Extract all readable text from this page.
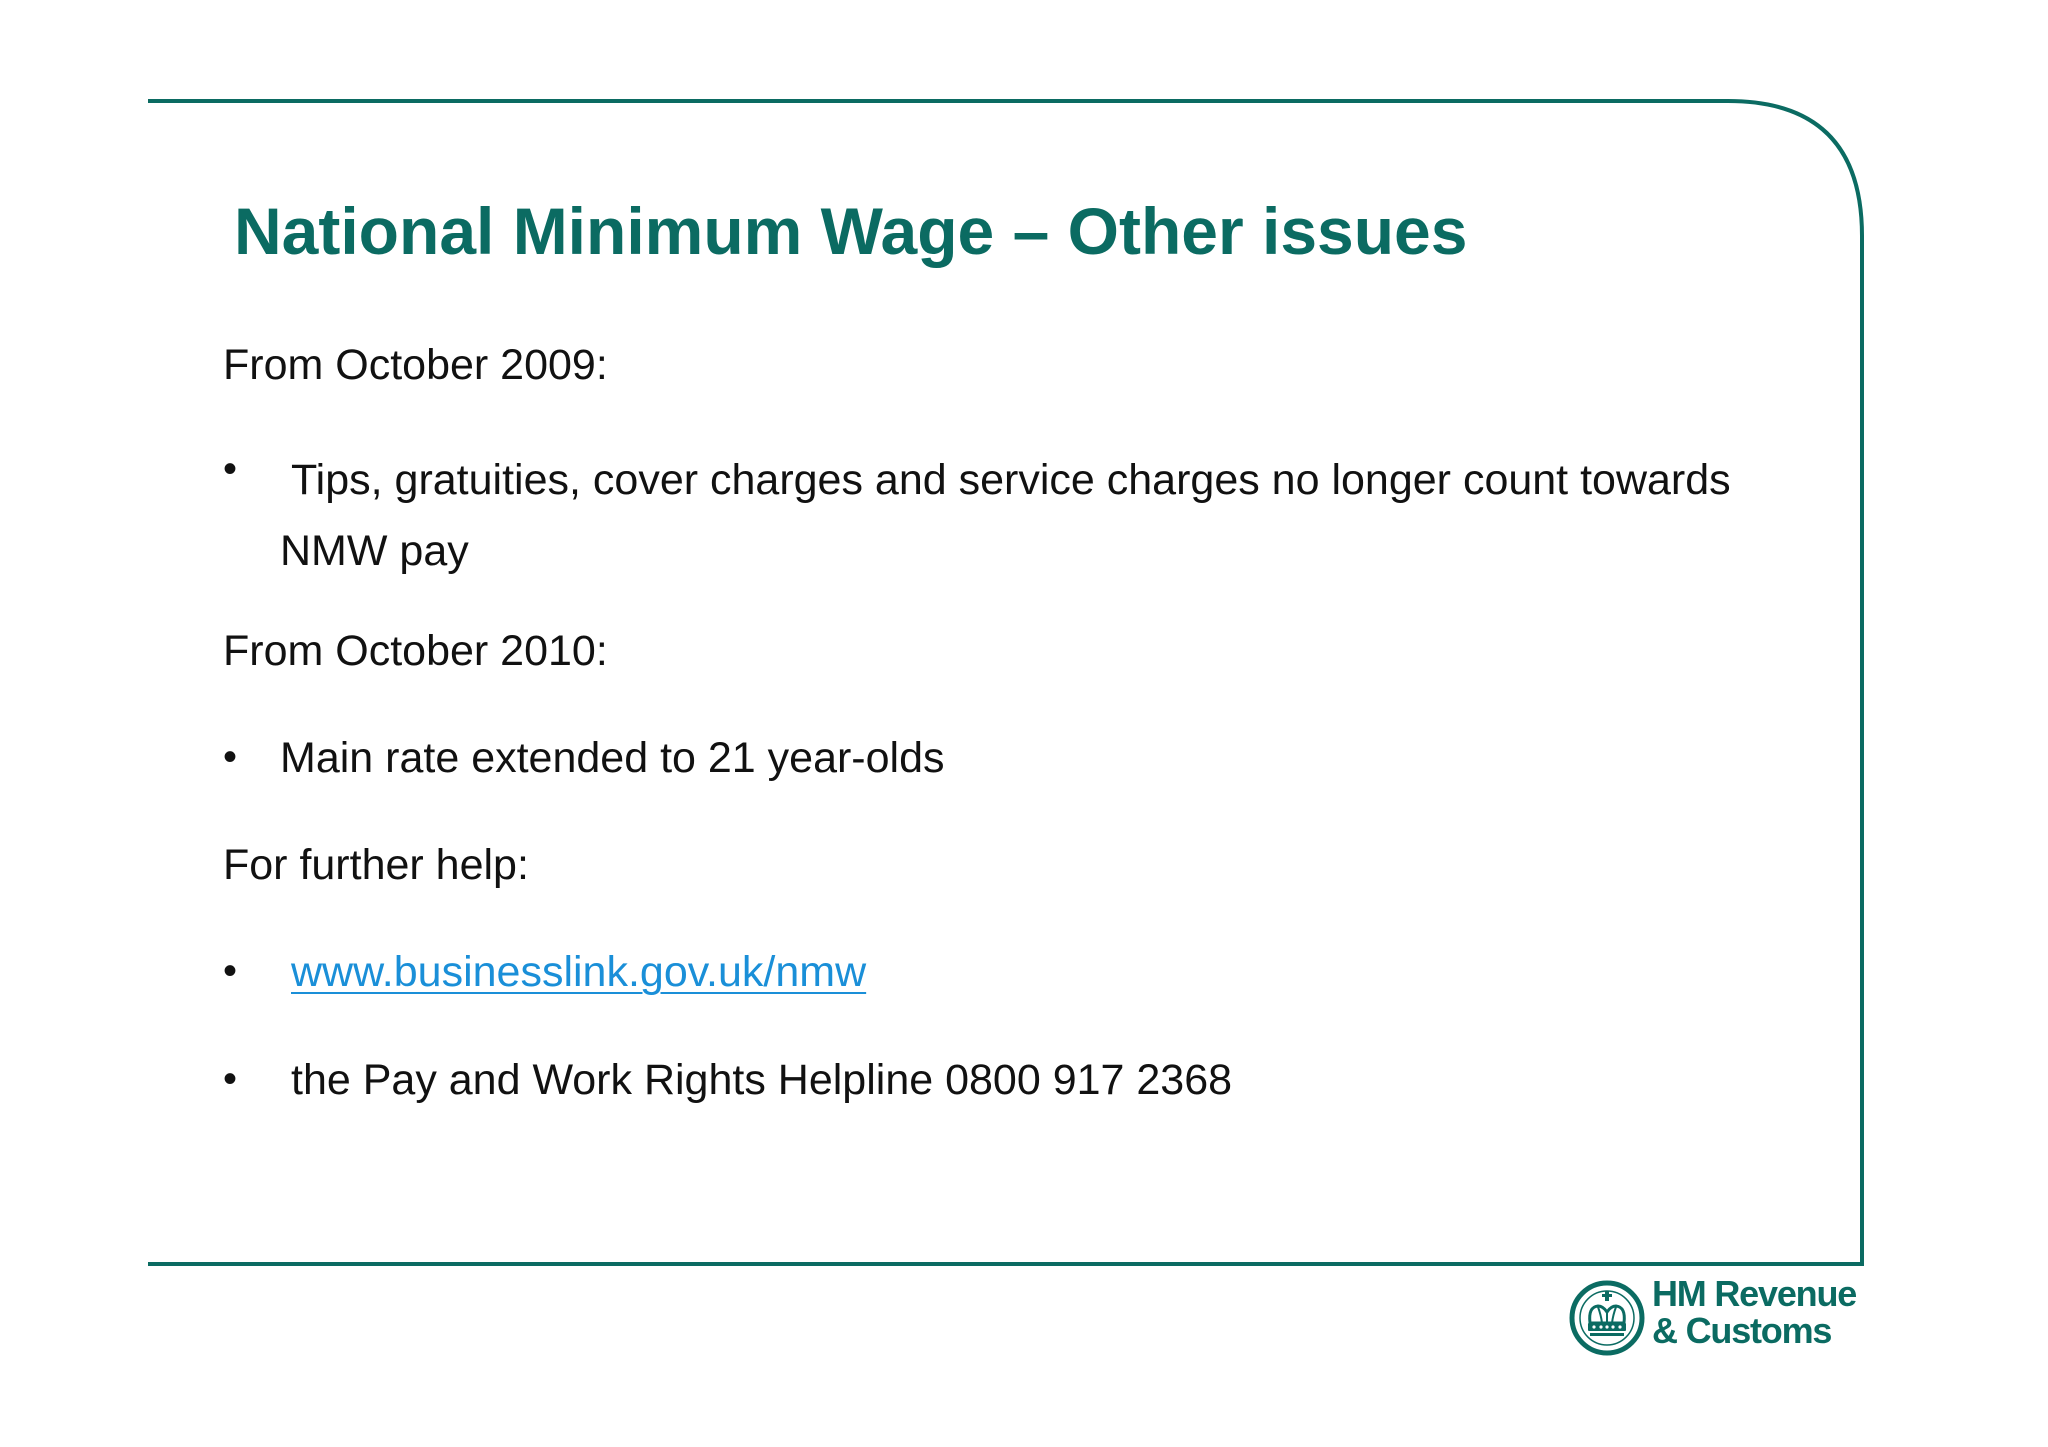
National Minimum Wage – Other issues

From October 2009:

• Tips, gratuities, cover charges and service charges no longer count towards NMW pay

From October 2010:

• Main rate extended to 21 year-olds

For further help:

• www.businesslink.gov.uk/nmw
• the Pay and Work Rights Helpline 0800 917 2368
HM Revenue
& Customs
